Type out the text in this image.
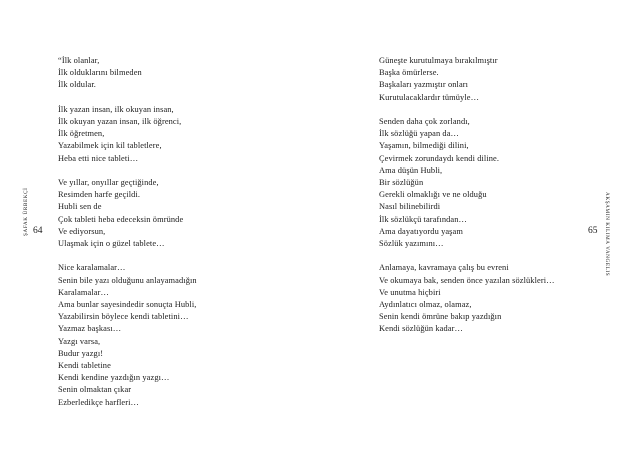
ŞAFAK ÜRBEKÇİ 64
“İlk olanlar,
İlk olduklarını bilmeden
İlk oldular.
İlk yazan insan, ilk okuyan insan,
İlk okuyan yazan insan, ilk öğrenci,
İlk öğretmen,
Yazabilmek için kil tabletlere,
Heba etti nice tableti…
Ve yıllar, onyıllar geçtiğinde,
Resimden harfe geçildi.
Hubli sen de
Çok tableti heba edeceksin ömründe
Ve ediyorsun,
Ulaşmak için o güzel tablete…
Nice karalamalar…
Senin bile yazı olduğunu anlayamadığın
Karalamalar…
Ama bunlar sayesindedir sonuçta Hubli,
Yazabilirsin böylece kendi tabletini…
Yazmaz başkası…
Yazgı varsa,
Budur yazgı!
Kendi tabletine
Kendi kendine yazdığın yazgı…
Senin olmaktan çıkar
Ezberledikçe harfleri…
AKŞAMIN KILIMA VANGELIS
65
Güneşte kurutulmaya bırakılmıştır
Başka ömürlerse.
Başkaları yazmıştır onları
Kurutulacaklardır tümüyle…
Senden daha çok zorlandı,
İlk sözlüğü yapan da…
Yaşamın, bilmediği dilini,
Çevirmek zorundaydı kendi diline.
Ama düşün Hubli,
Bir sözlüğün
Gerekli olmaklığı ve ne olduğu
Nasıl bilinebilirdi
İlk sözlükçü tarafından…
Ama dayatıyordu yaşam
Sözlük yazımını…
Anlamaya, kavramaya çalış bu evreni
Ve okumaya bak, senden önce yazılan sözlükleri…
Ve unutma hiçbiri
Aydınlatıcı olmaz, olamaz,
Senin kendi ömrüne bakıp yazdığın
Kendi sözlüğün kadar…
